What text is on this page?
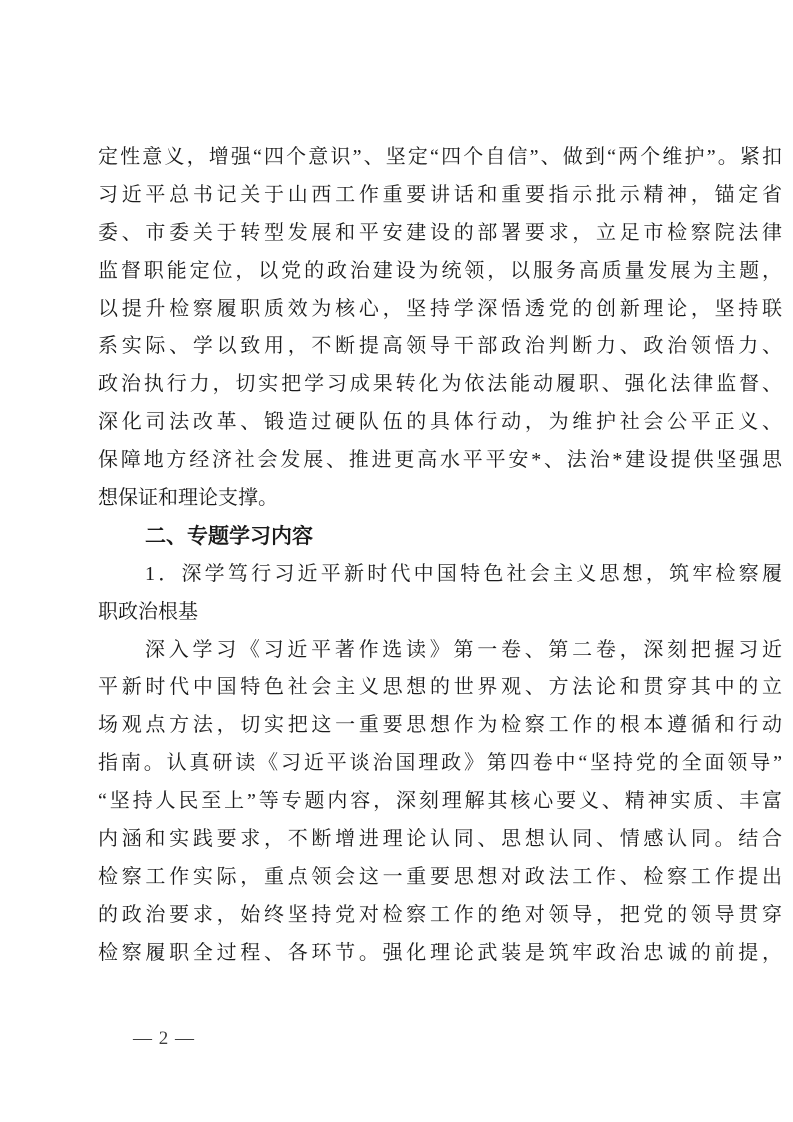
定性意义，增强“四个意识”、坚定“四个自信”、做到“两个维护”。紧扣
习近平总书记关于山西工作重要讲话和重要指示批示精神，锚定省
委、市委关于转型发展和平安建设的部署要求，立足市检察院法律
监督职能定位，以党的政治建设为统领，以服务高质量发展为主题，
以提升检察履职质效为核心，坚持学深悟透党的创新理论，坚持联
系实际、学以致用，不断提高领导干部政治判断力、政治领悟力、
政治执行力，切实把学习成果转化为依法能动履职、强化法律监督、
深化司法改革、锻造过硬队伍的具体行动，为维护社会公平正义、
保障地方经济社会发展、推进更高水平平安*、法治*建设提供坚强思
想保证和理论支撑。
二、专题学习内容
1．深学笃行习近平新时代中国特色社会主义思想，筑牢检察履
职政治根基
深入学习《习近平著作选读》第一卷、第二卷，深刻把握习近
平新时代中国特色社会主义思想的世界观、方法论和贯穿其中的立
场观点方法，切实把这一重要思想作为检察工作的根本遵循和行动
指南。认真研读《习近平谈治国理政》第四卷中“坚持党的全面领导”
“坚持人民至上”等专题内容，深刻理解其核心要义、精神实质、丰富
内涵和实践要求，不断增进理论认同、思想认同、情感认同。结合
检察工作实际，重点领会这一重要思想对政法工作、检察工作提出
的政治要求，始终坚持党对检察工作的绝对领导，把党的领导贯穿
检察履职全过程、各环节。强化理论武装是筑牢政治忠诚的前提，
— 2 —
